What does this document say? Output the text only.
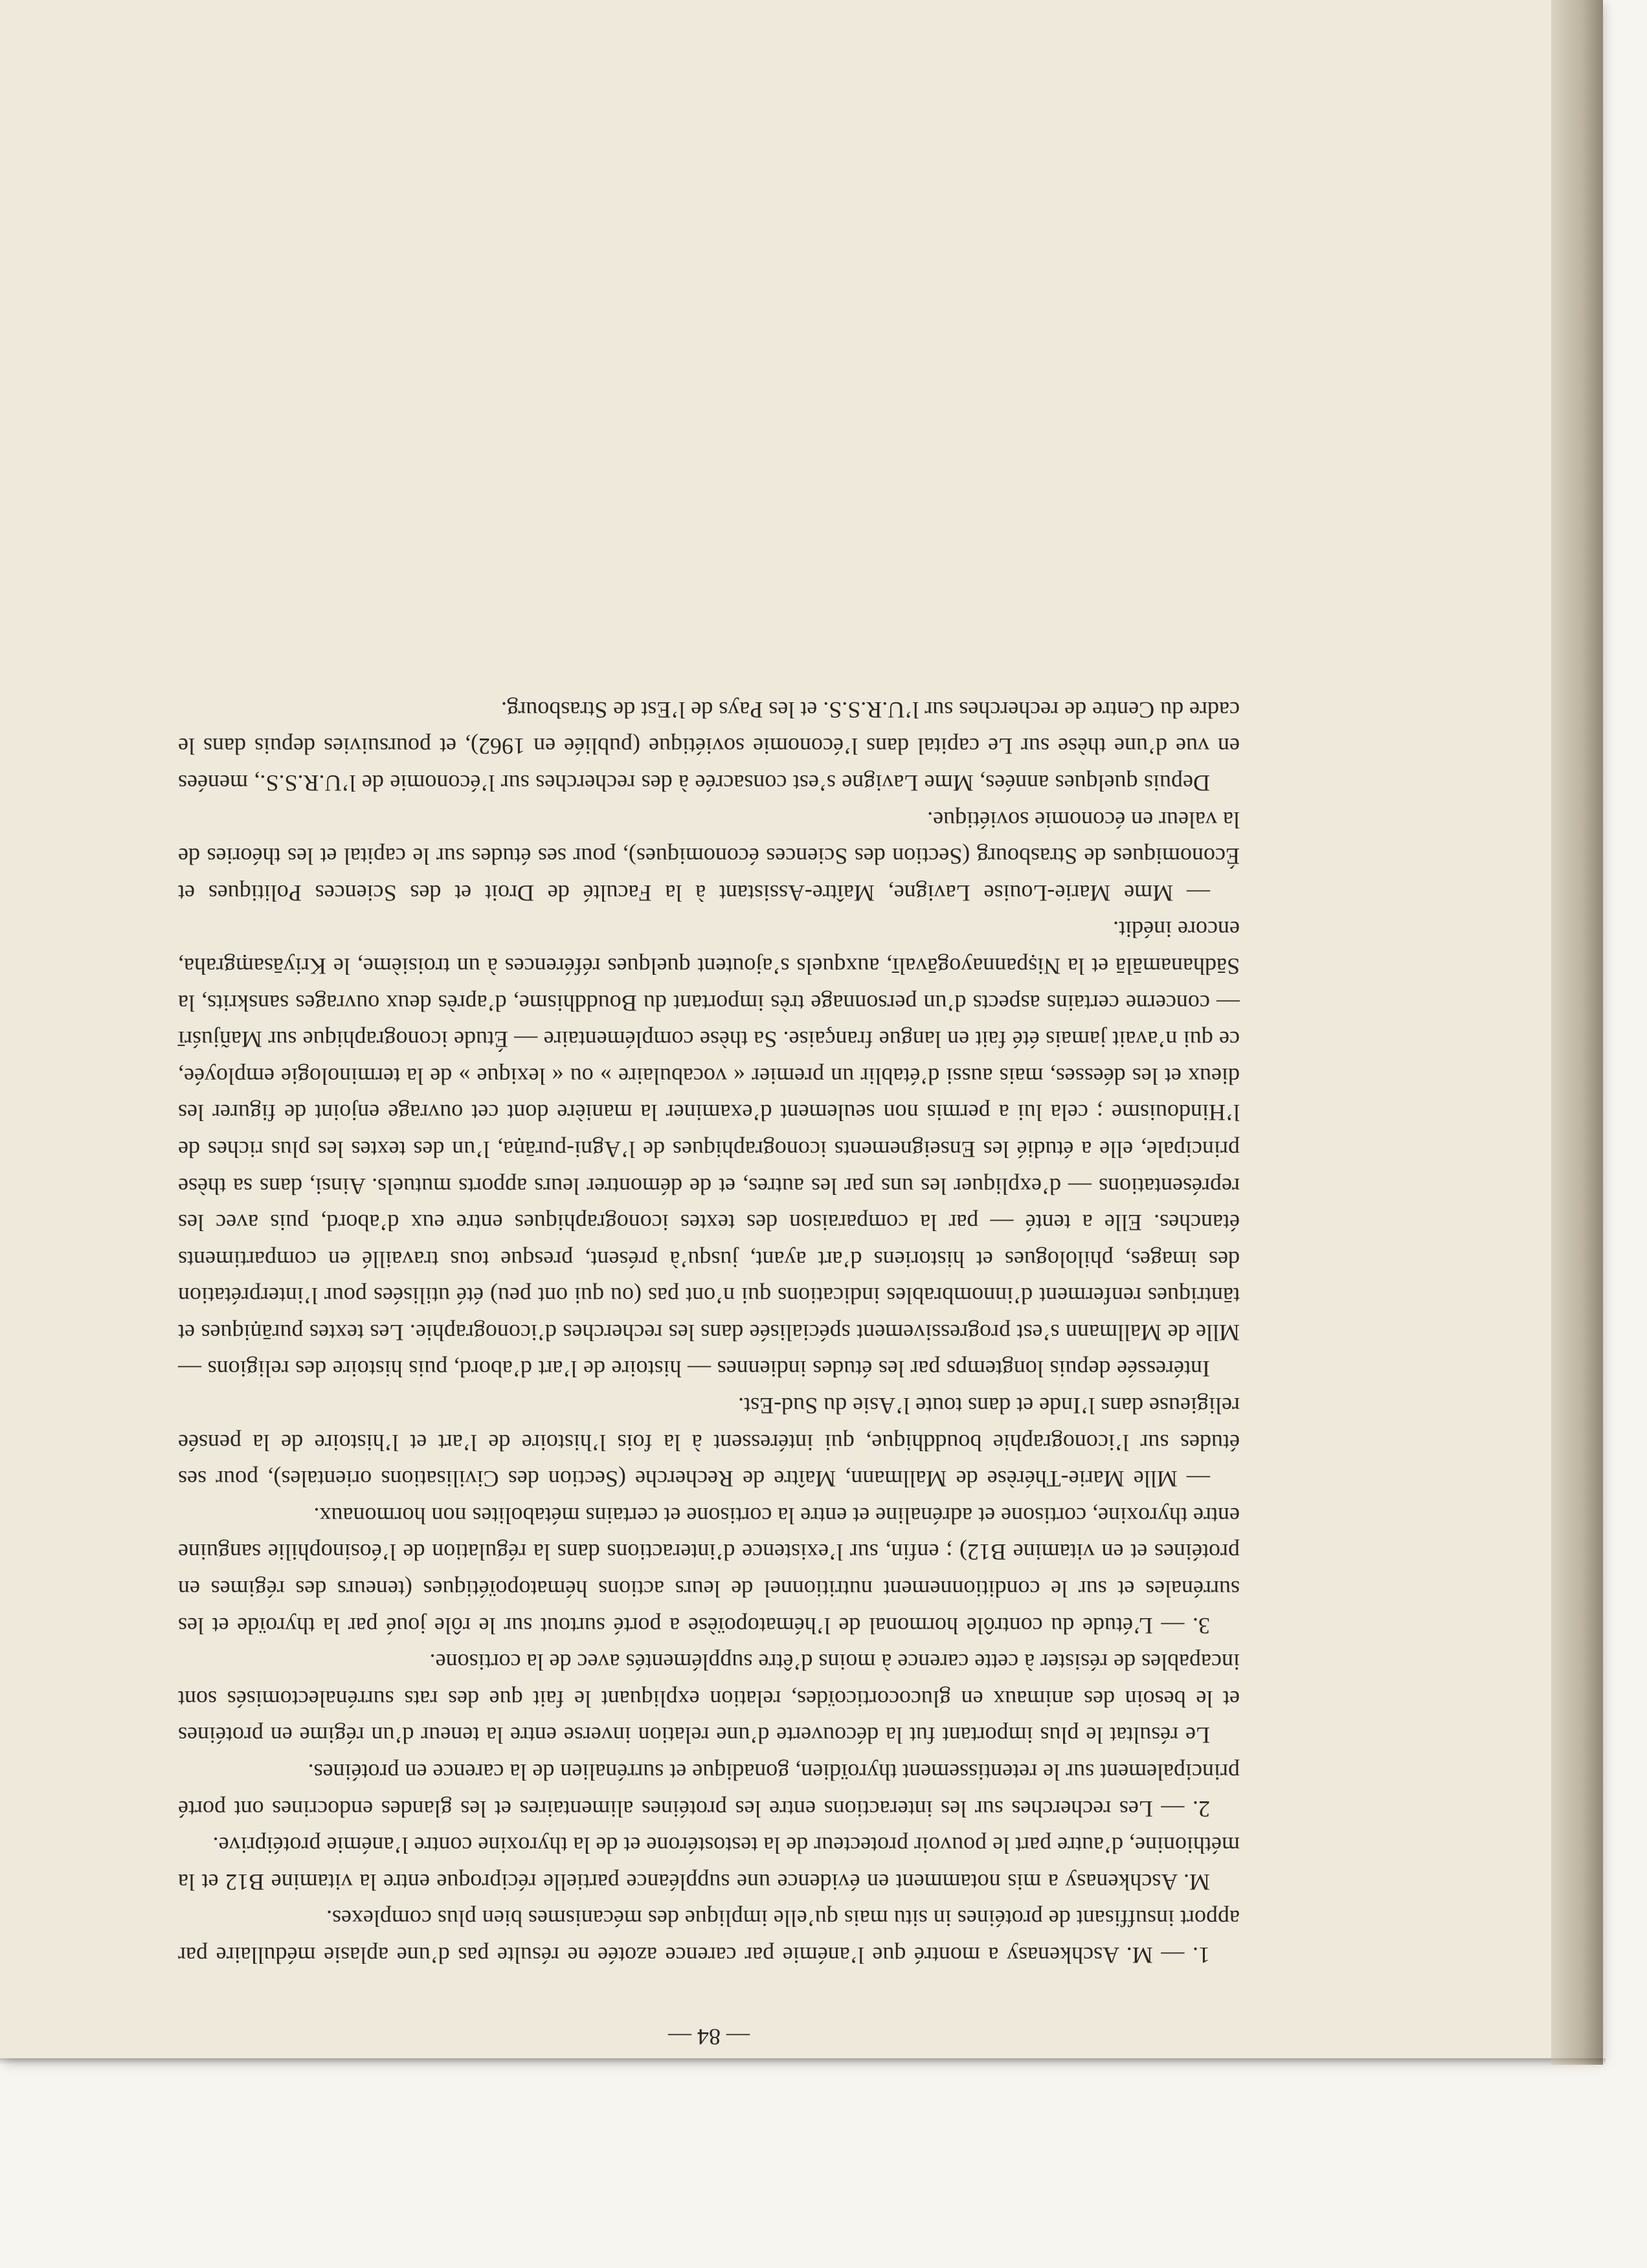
— 84 —

1. — M. Aschkenasy a montré que l’anémie par carence azotée ne résulte pas d’une aplasie médullaire par apport insuffisant de protéines in situ mais qu’elle implique des mécanismes bien plus complexes.

M. Aschkenasy a mis notamment en évidence une suppléance partielle réciproque entre la vitamine B12 et la méthionine, d’autre part le pouvoir protecteur de la testostérone et de la thyroxine contre l’anémie protéiprive.

2. — Les recherches sur les interactions entre les protéines alimentaires et les glandes endocrines ont porté principalement sur le retentissement thyroïdien, gonadique et surrénalien de la carence en protéines.

Le résultat le plus important fut la découverte d’une relation inverse entre la teneur d’un régime en protéines et le besoin des animaux en glucocorticoïdes, relation expliquant le fait que des rats surrénalectomisés sont incapables de résister à cette carence à moins d’être supplémentés avec de la cortisone.

3. — L’étude du contrôle hormonal de l’hématopoïèse a porté surtout sur le rôle joué par la thyroïde et les surrénales et sur le conditionnement nutritionnel de leurs actions hématopoïétiques (teneurs des régimes en protéines et en vitamine B12) ; enfin, sur l’existence d’interactions dans la régulation de l’éosinophilie sanguine entre thyroxine, cortisone et adrénaline et entre la cortisone et certains métabolites non hormonaux.

— Mlle Marie-Thérèse de Mallmann, Maître de Recherche (Section des Civilisations orientales), pour ses études sur l’iconographie bouddhique, qui intéressent à la fois l’histoire de l’art et l’histoire de la pensée religieuse dans l’Inde et dans toute l’Asie du Sud-Est.

Intéressée depuis longtemps par les études indiennes — histoire de l’art d’abord, puis histoire des religions — Mlle de Mallmann s’est progressivement spécialisée dans les recherches d’iconographie. Les textes purāṇiques et tāntriques renferment d’innombrables indications qui n’ont pas (ou qui ont peu) été utilisées pour l’interprétation des images, philologues et historiens d’art ayant, jusqu’à présent, presque tous travaillé en compartiments étanches. Elle a tenté — par la comparaison des textes iconographiques entre eux d’abord, puis avec les représentations — d’expliquer les uns par les autres, et de démontrer leurs apports mutuels. Ainsi, dans sa thèse principale, elle a étudié les Enseignements iconographiques de l’Agni-purāṇa, l’un des textes les plus riches de l’Hindouisme ; cela lui a permis non seulement d’examiner la manière dont cet ouvrage enjoint de figurer les dieux et les déesses, mais aussi d’établir un premier « vocabulaire » ou « lexique » de la terminologie employée, ce qui n’avait jamais été fait en langue française. Sa thèse complémentaire — Étude iconographique sur Mañjuśrī — concerne certains aspects d’un personnage très important du Bouddhisme, d’après deux ouvrages sanskrits, la Sādhanamālā et la Niṣpannayogāvalī, auxquels s’ajoutent quelques références à un troisième, le Kriyāsaṃgraha, encore inédit.

— Mme Marie-Louise Lavigne, Maître-Assistant à la Faculté de Droit et des Sciences Politiques et Économiques de Strasbourg (Section des Sciences économiques), pour ses études sur le capital et les théories de la valeur en économie soviétique.

Depuis quelques années, Mme Lavigne s’est consacrée à des recherches sur l’économie de l’U.R.S.S., menées en vue d’une thèse sur Le capital dans l’économie soviétique (publiée en 1962), et poursuivies depuis dans le cadre du Centre de recherches sur l’U.R.S.S. et les Pays de l’Est de Strasbourg.
